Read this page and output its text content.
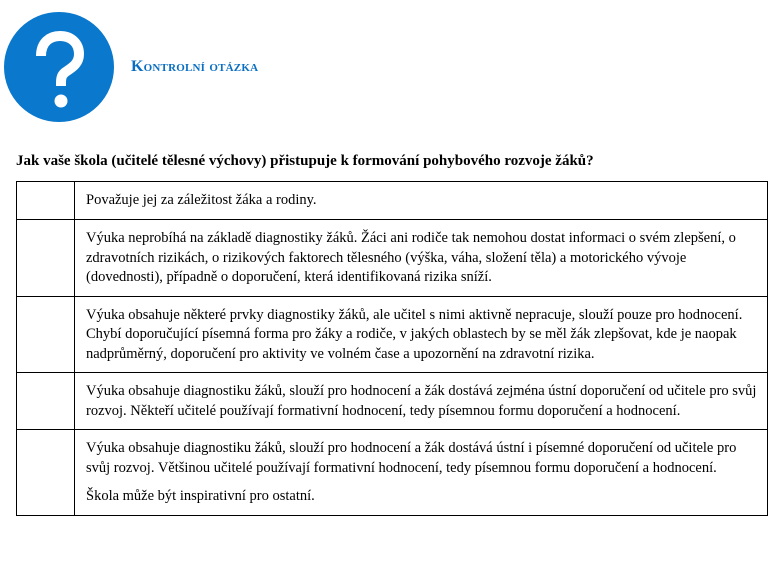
Kontrolní otázka
Jak vaše škola (učitelé tělesné výchovy) přistupuje k formování pohybového rozvoje žáků?

	Považuje jej za záležitost žáka a rodiny.

	Výuka neprobíhá na základě diagnostiky žáků. Žáci ani rodiče tak nemohou dostat informaci o svém zlepšení, o zdravotních rizikách, o rizikových faktorech tělesného (výška, váha, složení těla) a motorického vývoje (dovednosti), případně o doporučení, která identifikovaná rizika sníží.

	Výuka obsahuje některé prvky diagnostiky žáků, ale učitel s nimi aktivně nepracuje, slouží pouze pro hodnocení. Chybí doporučující písemná forma pro žáky a rodiče, v jakých oblastech by se měl žák zlepšovat, kde je naopak nadprůměrný, doporučení pro aktivity ve volném čase a upozornění na zdravotní rizika.

	Výuka obsahuje diagnostiku žáků, slouží pro hodnocení a žák dostává zejména ústní doporučení od učitele pro svůj rozvoj. Někteří učitelé používají formativní hodnocení, tedy písemnou formu doporučení a hodnocení.

	Výuka obsahuje diagnostiku žáků, slouží pro hodnocení a žák dostává ústní i písemné doporučení od učitele pro svůj rozvoj. Většinou učitelé používají formativní hodnocení, tedy písemnou formu doporučení a hodnocení.

Škola může být inspirativní pro ostatní.
